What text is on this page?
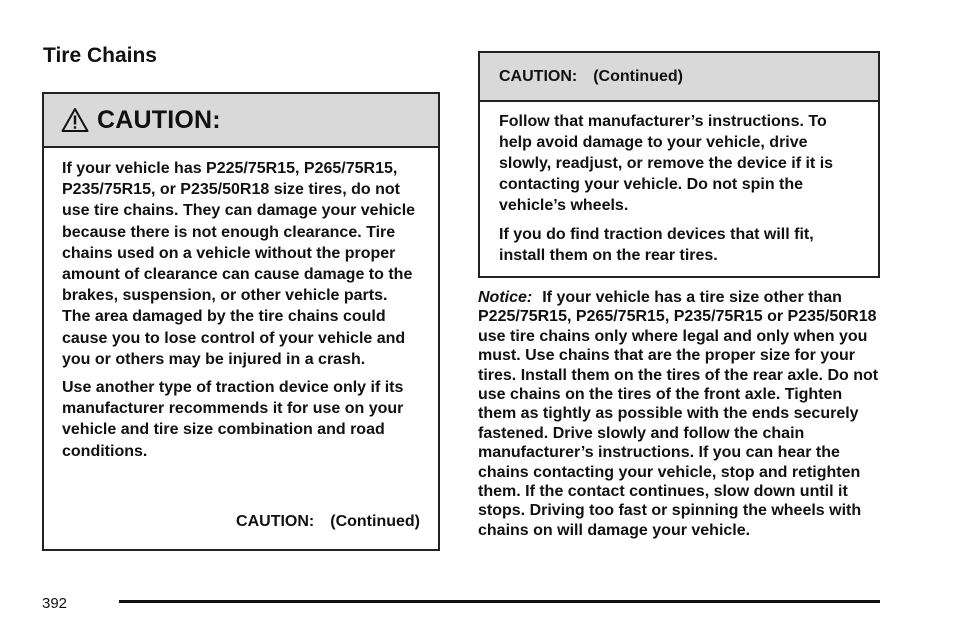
Tire Chains
CAUTION:

If your vehicle has P225/75R15, P265/75R15, P235/75R15, or P235/50R18 size tires, do not use tire chains. They can damage your vehicle because there is not enough clearance. Tire chains used on a vehicle without the proper amount of clearance can cause damage to the brakes, suspension, or other vehicle parts. The area damaged by the tire chains could cause you to lose control of your vehicle and you or others may be injured in a crash.

Use another type of traction device only if its manufacturer recommends it for use on your vehicle and tire size combination and road conditions.

CAUTION: (Continued)
CAUTION: (Continued)

Follow that manufacturer’s instructions. To help avoid damage to your vehicle, drive slowly, readjust, or remove the device if it is contacting your vehicle. Do not spin the vehicle’s wheels.

If you do find traction devices that will fit, install them on the rear tires.

Notice: If your vehicle has a tire size other than P225/75R15, P265/75R15, P235/75R15 or P235/50R18 use tire chains only where legal and only when you must. Use chains that are the proper size for your tires. Install them on the tires of the rear axle. Do not use chains on the tires of the front axle. Tighten them as tightly as possible with the ends securely fastened. Drive slowly and follow the chain manufacturer’s instructions. If you can hear the chains contacting your vehicle, stop and retighten them. If the contact continues, slow down until it stops. Driving too fast or spinning the wheels with chains on will damage your vehicle.

392
